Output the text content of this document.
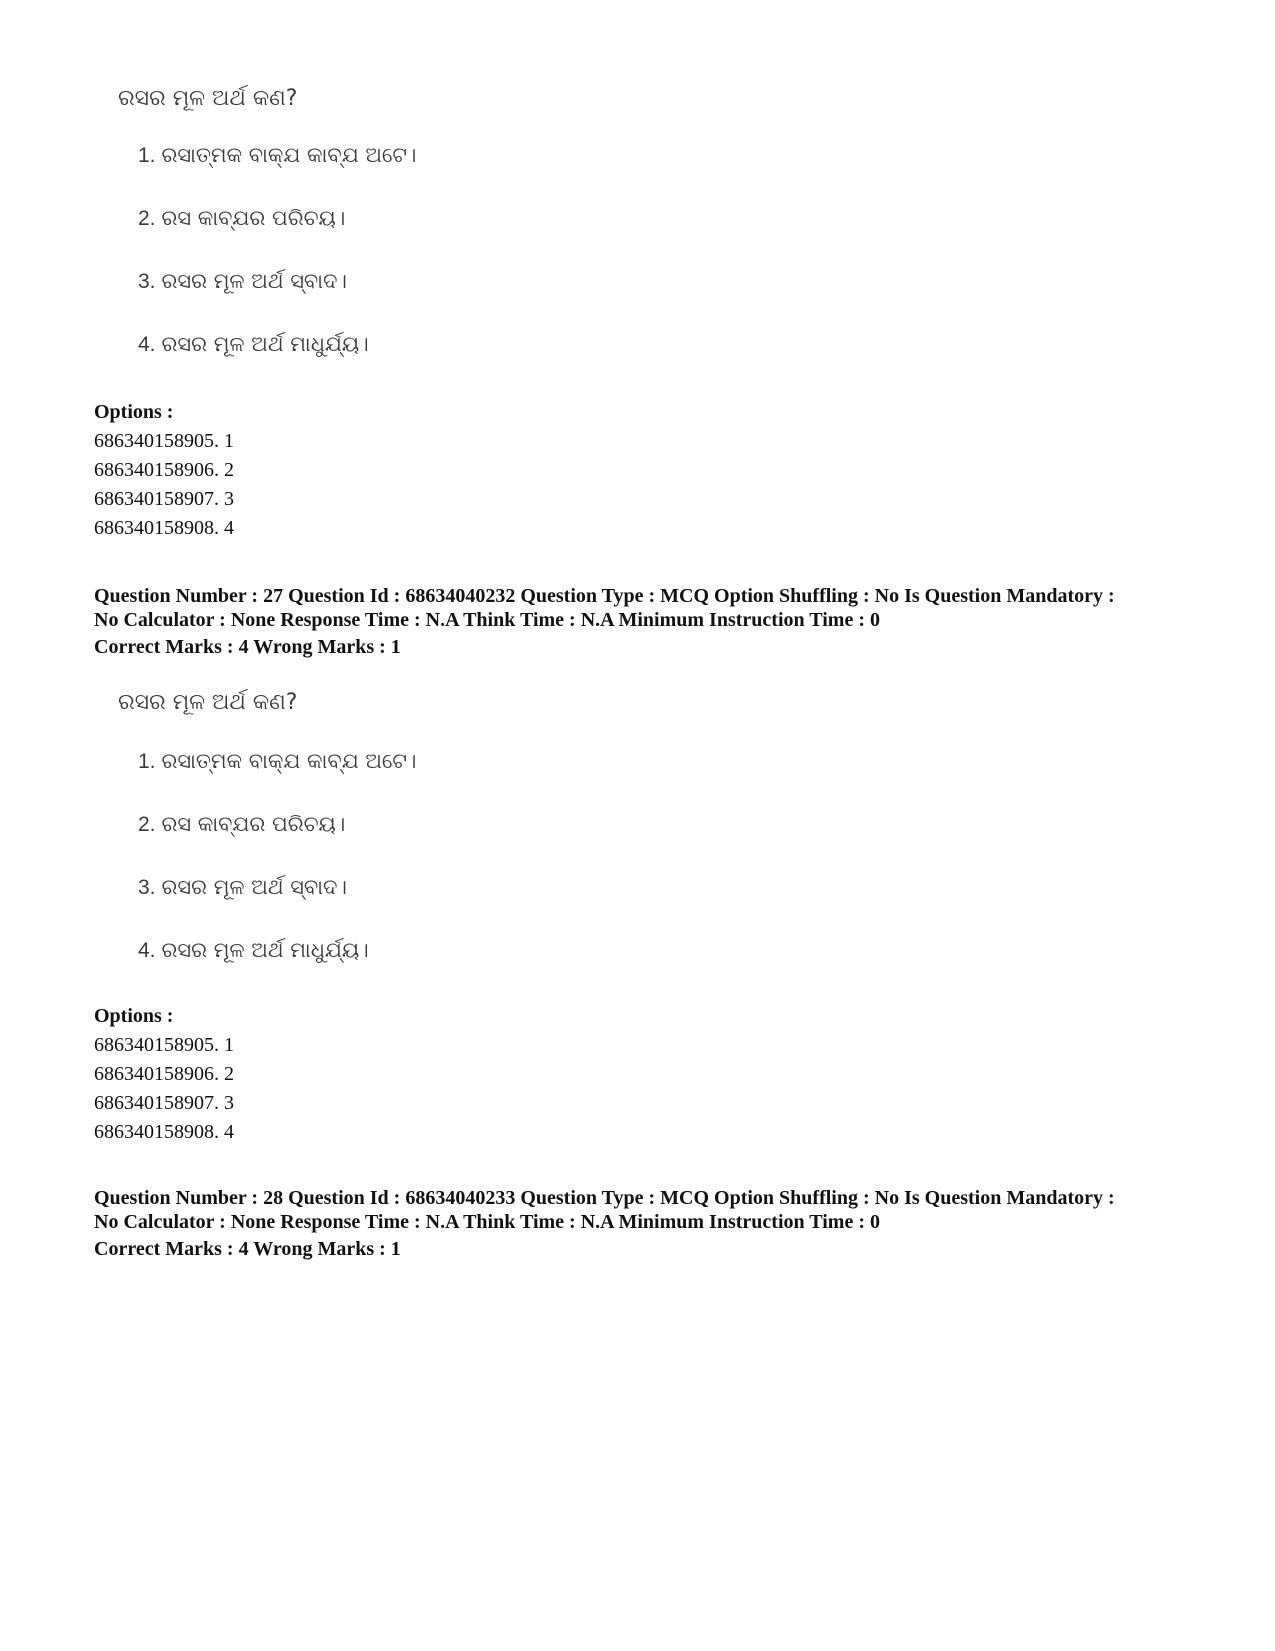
ରସର ମୂଳ ଅର୍ଥ କଣ?
1. ରସାତ୍ମକ ବାକ୍ଯ କାବ୍ଯ ଅଟେ।
2. ରସ କାବ୍ଯର ପରିଚୟ।
3. ରସର ମୂଳ ଅର୍ଥ ସ୍ବାଦ।
4. ରସର ମୂଳ ଅର୍ଥ ମାଧୁର୍ଯ୍ୟ।
Options :
686340158905. 1
686340158906. 2
686340158907. 3
686340158908. 4
Question Number : 27 Question Id : 68634040232 Question Type : MCQ Option Shuffling : No Is Question Mandatory :
No Calculator : None Response Time : N.A Think Time : N.A Minimum Instruction Time : 0
Correct Marks : 4 Wrong Marks : 1
ରସର ମୂଳ ଅର୍ଥ କଣ?
1. ରସାତ୍ମକ ବାକ୍ଯ କାବ୍ଯ ଅଟେ।
2. ରସ କାବ୍ଯର ପରିଚୟ।
3. ରସର ମୂଳ ଅର୍ଥ ସ୍ବାଦ।
4. ରସର ମୂଳ ଅର୍ଥ ମାଧୁର୍ଯ୍ୟ।
Options :
686340158905. 1
686340158906. 2
686340158907. 3
686340158908. 4
Question Number : 28 Question Id : 68634040233 Question Type : MCQ Option Shuffling : No Is Question Mandatory :
No Calculator : None Response Time : N.A Think Time : N.A Minimum Instruction Time : 0
Correct Marks : 4 Wrong Marks : 1
